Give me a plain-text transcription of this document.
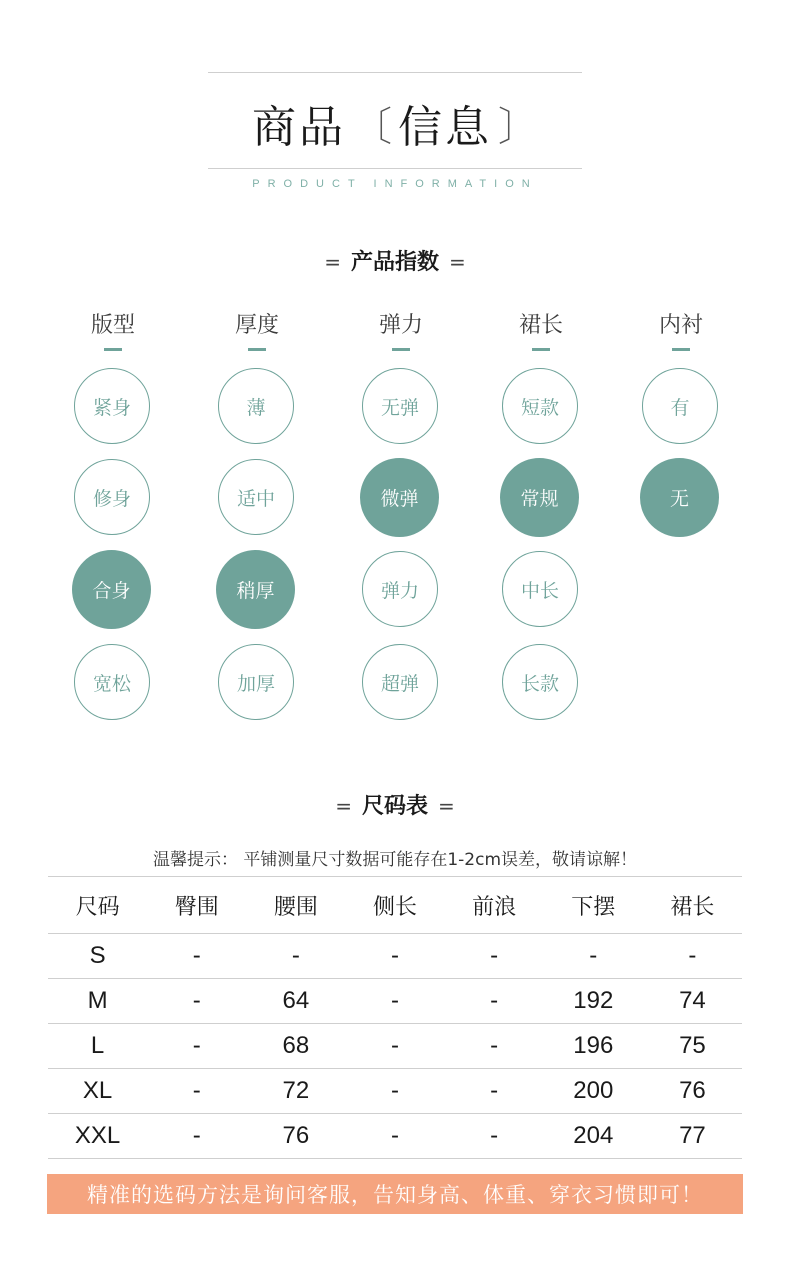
商品 〔 信息 〕
PRODUCT INFORMATION
= 产品指数 =
版型
紧身
修身
合身
宽松
厚度
薄
适中
稍厚
加厚
弹力
无弹
微弹
弹力
超弹
裙长
短款
常规
中长
长款
内衬
有
无
= 尺码表 =
温馨提示： 平铺测量尺寸数据可能存在1-2cm误差，敬请谅解！
尺码	臀围	腰围	侧长	前浪	下摆	裙长
S	-	-	-	-	-	-
M	-	64	-	-	192	74
L	-	68	-	-	196	75
XL	-	72	-	-	200	76
XXL	-	76	-	-	204	77
精准的选码方法是询问客服，告知身高、体重、穿衣习惯即可！
